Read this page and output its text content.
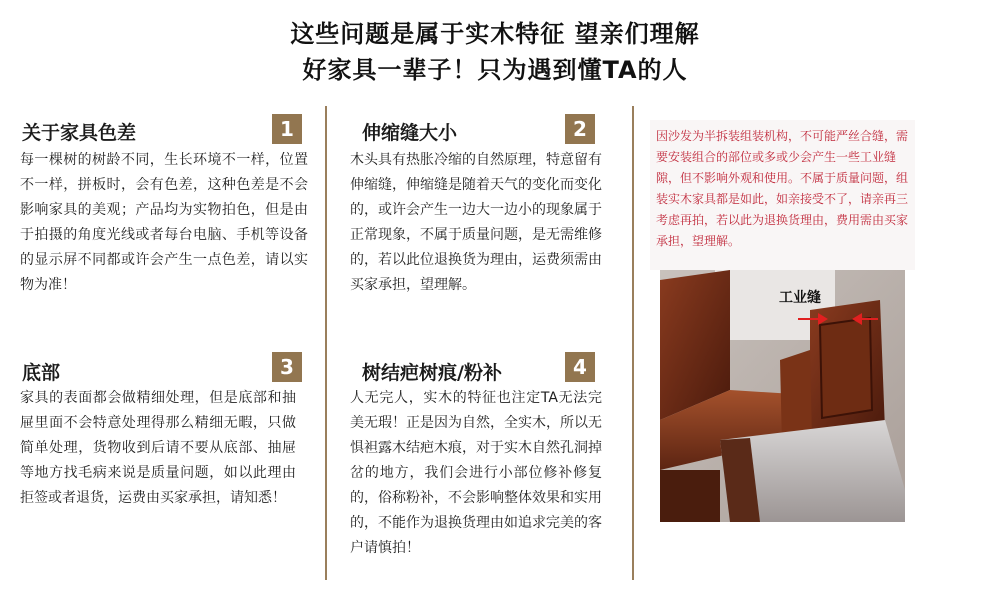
这些问题是属于实木特征 望亲们理解
好家具一辈子！只为遇到懂TA的人
关于家具色差	1

每一棵树的树龄不同，生长环境不一样，位置不一样，拼板时，会有色差，这种色差是不会影响家具的美观；产品均为实物拍色，但是由于拍摄的角度光线或者每台电脑、手机等设备的显示屏不同都或许会产生一点色差，请以实物为准！

伸缩缝大小	2

木头具有热胀冷缩的自然原理，特意留有伸缩缝，伸缩缝是随着天气的变化而变化的，或许会产生一边大一边小的现象属于正常现象，不属于质量问题，是无需维修的，若以此位退换货为理由，运费须需由买家承担，望理解。

底部	3

家具的表面都会做精细处理，但是底部和抽屉里面不会特意处理得那么精细无暇，只做简单处理，货物收到后请不要从底部、抽屉等地方找毛病来说是质量问题，如以此理由拒签或者退货，运费由买家承担，请知悉！

树结疤树痕/粉补	4

人无完人，实木的特征也注定TA无法完美无瑕！正是因为自然，全实木，所以无惧袒露木结疤木痕，对于实木自然孔洞掉岔的地方，我们会进行小部位修补修复的，俗称粉补，不会影响整体效果和实用的，不能作为退换货理由如追求完美的客户请慎拍！

因沙发为半拆装组装机构，不可能严丝合缝，需要安装组合的部位或多或少会产生一些工业缝隙，但不影响外观和使用。不属于质量问题，组装实木家具都是如此，如亲接受不了，请亲再三考虑再拍，若以此为退换货理由，费用需由买家承担，望理解。

工业缝
